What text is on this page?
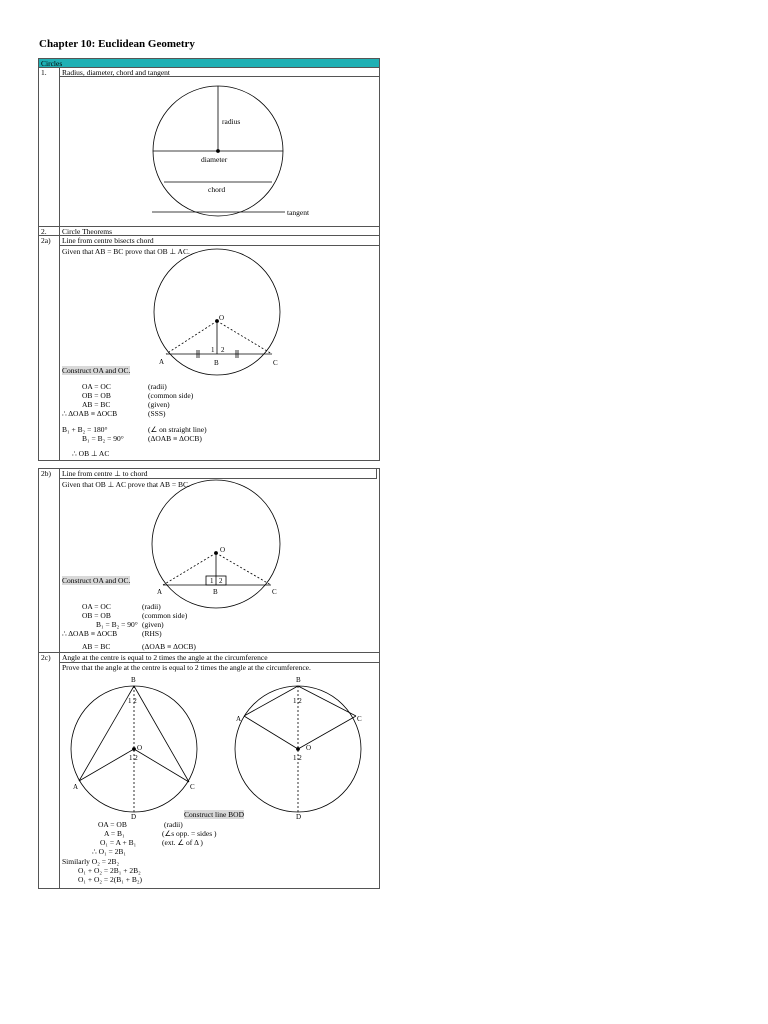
Chapter 10: Euclidean Geometry
Circles
1. Radius, diameter, chord and tangent
2. Circle Theorems
2a) Line from centre bisects chord
Given that AB = BC prove that OB ⊥ AC.
Construct OA and OC.
OA = OC	(radii)
OB = OB	(common side)
AB = BC	(given)
∴ ΔOAB ≡ ΔOCB	(SSS)
B₁ + B₂ = 180°	(∠ on straight line)
B₁ = B₂ = 90°	(ΔOAB ≡ ΔOCB)
∴ OB ⊥ AC
2b) Line from centre ⊥ to chord
Given that OB ⊥ AC prove that AB = BC.
Construct OA and OC.
OA = OC	(radii)
OB = OB	(common side)
B₁ = B₂ = 90° (given)
∴ ΔOAB ≡ ΔOCB	(RHS)
AB = BC	(ΔOAB ≡ ΔOCB)
2c) Angle at the centre is equal to 2 times the angle at the circumference
Prove that the angle at the centre is equal to 2 times the angle at the circumference.
Construct line BOD
OA = OB	(radii)
A = B₁	(∠s opp. = sides )
O₁ = A + B₁	(ext. ∠ of Δ )
∴ O₁ = 2B₁
Similarly O₂ = 2B₂
O₁ + O₂ = 2B₁ + 2B₂
O₁ + O₂ = 2(B₁ + B₂)
radius
diameter
chord
tangent
O
A	B	C
1 2
O
A	B	C
1 2
B
1 2
O
1 2
A	C
D
B
1 2
A	C
O
1 2
D
